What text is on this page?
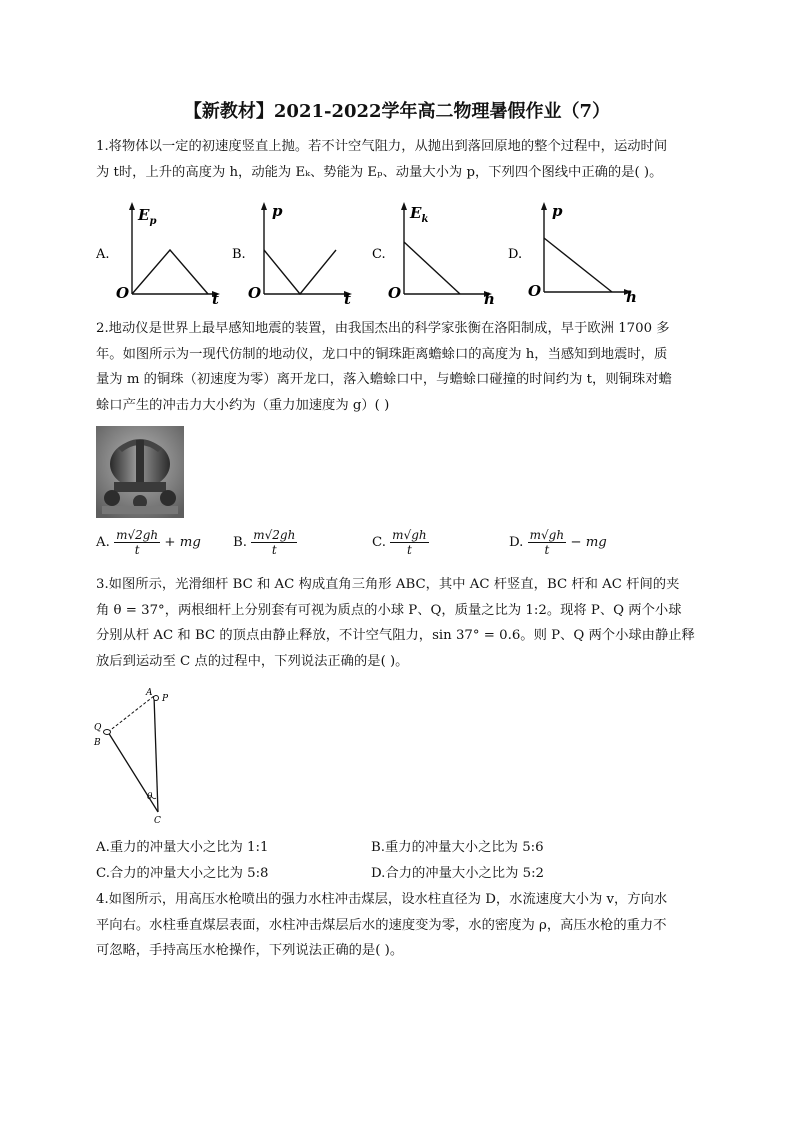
【新教材】2021-2022学年高二物理暑假作业（7）
1.将物体以一定的初速度竖直上抛。若不计空气阻力，从抛出到落回原地的整个过程中，运动时间
为 t时，上升的高度为 h，动能为 Eₖ、势能为 Eₚ、动量大小为 p，下列四个图线中正确的是( )。
A.
$E_p$
O	t
B.
p
O	t
C.
$E_k$
O	h
D.
p
O	h
2.地动仪是世界上最早感知地震的装置，由我国杰出的科学家张衡在洛阳制成，早于欧洲 1700 多
年。如图所示为一现代仿制的地动仪，龙口中的铜珠距离蟾蜍口的高度为 h，当感知到地震时，质
量为 m 的铜珠（初速度为零）离开龙口，落入蟾蜍口中，与蟾蜍口碰撞的时间约为 t，则铜珠对蟾
蜍口产生的冲击力大小约为（重力加速度为 g）( )
A. $\frac{m√2gh}{t}$ + mg B. $\frac{m√2gh}{t}$	C. $\frac{m√gh}{t}$	D. $\frac{m√gh}{t}$ − mg
3.如图所示，光滑细杆 BC 和 AC 构成直角三角形 ABC，其中 AC 杆竖直，BC 杆和 AC 杆间的夹
角 θ = 37°，两根细杆上分别套有可视为质点的小球 P、Q，质量之比为 1:2。现将 P、Q 两个小球
分别从杆 AC 和 BC 的顶点由静止释放，不计空气阻力，sin 37° = 0.6。则 P、Q 两个小球由静止释
放后到运动至 C 点的过程中，下列说法正确的是( )。
A
P
Q
B
θ
C
A.重力的冲量大小之比为 1:1	B.重力的冲量大小之比为 5:6
C.合力的冲量大小之比为 5:8	D.合力的冲量大小之比为 5:2
4.如图所示，用高压水枪喷出的强力水柱冲击煤层，设水柱直径为 D，水流速度大小为 v，方向水
平向右。水柱垂直煤层表面，水柱冲击煤层后水的速度变为零，水的密度为 ρ，高压水枪的重力不
可忽略，手持高压水枪操作，下列说法正确的是( )。
